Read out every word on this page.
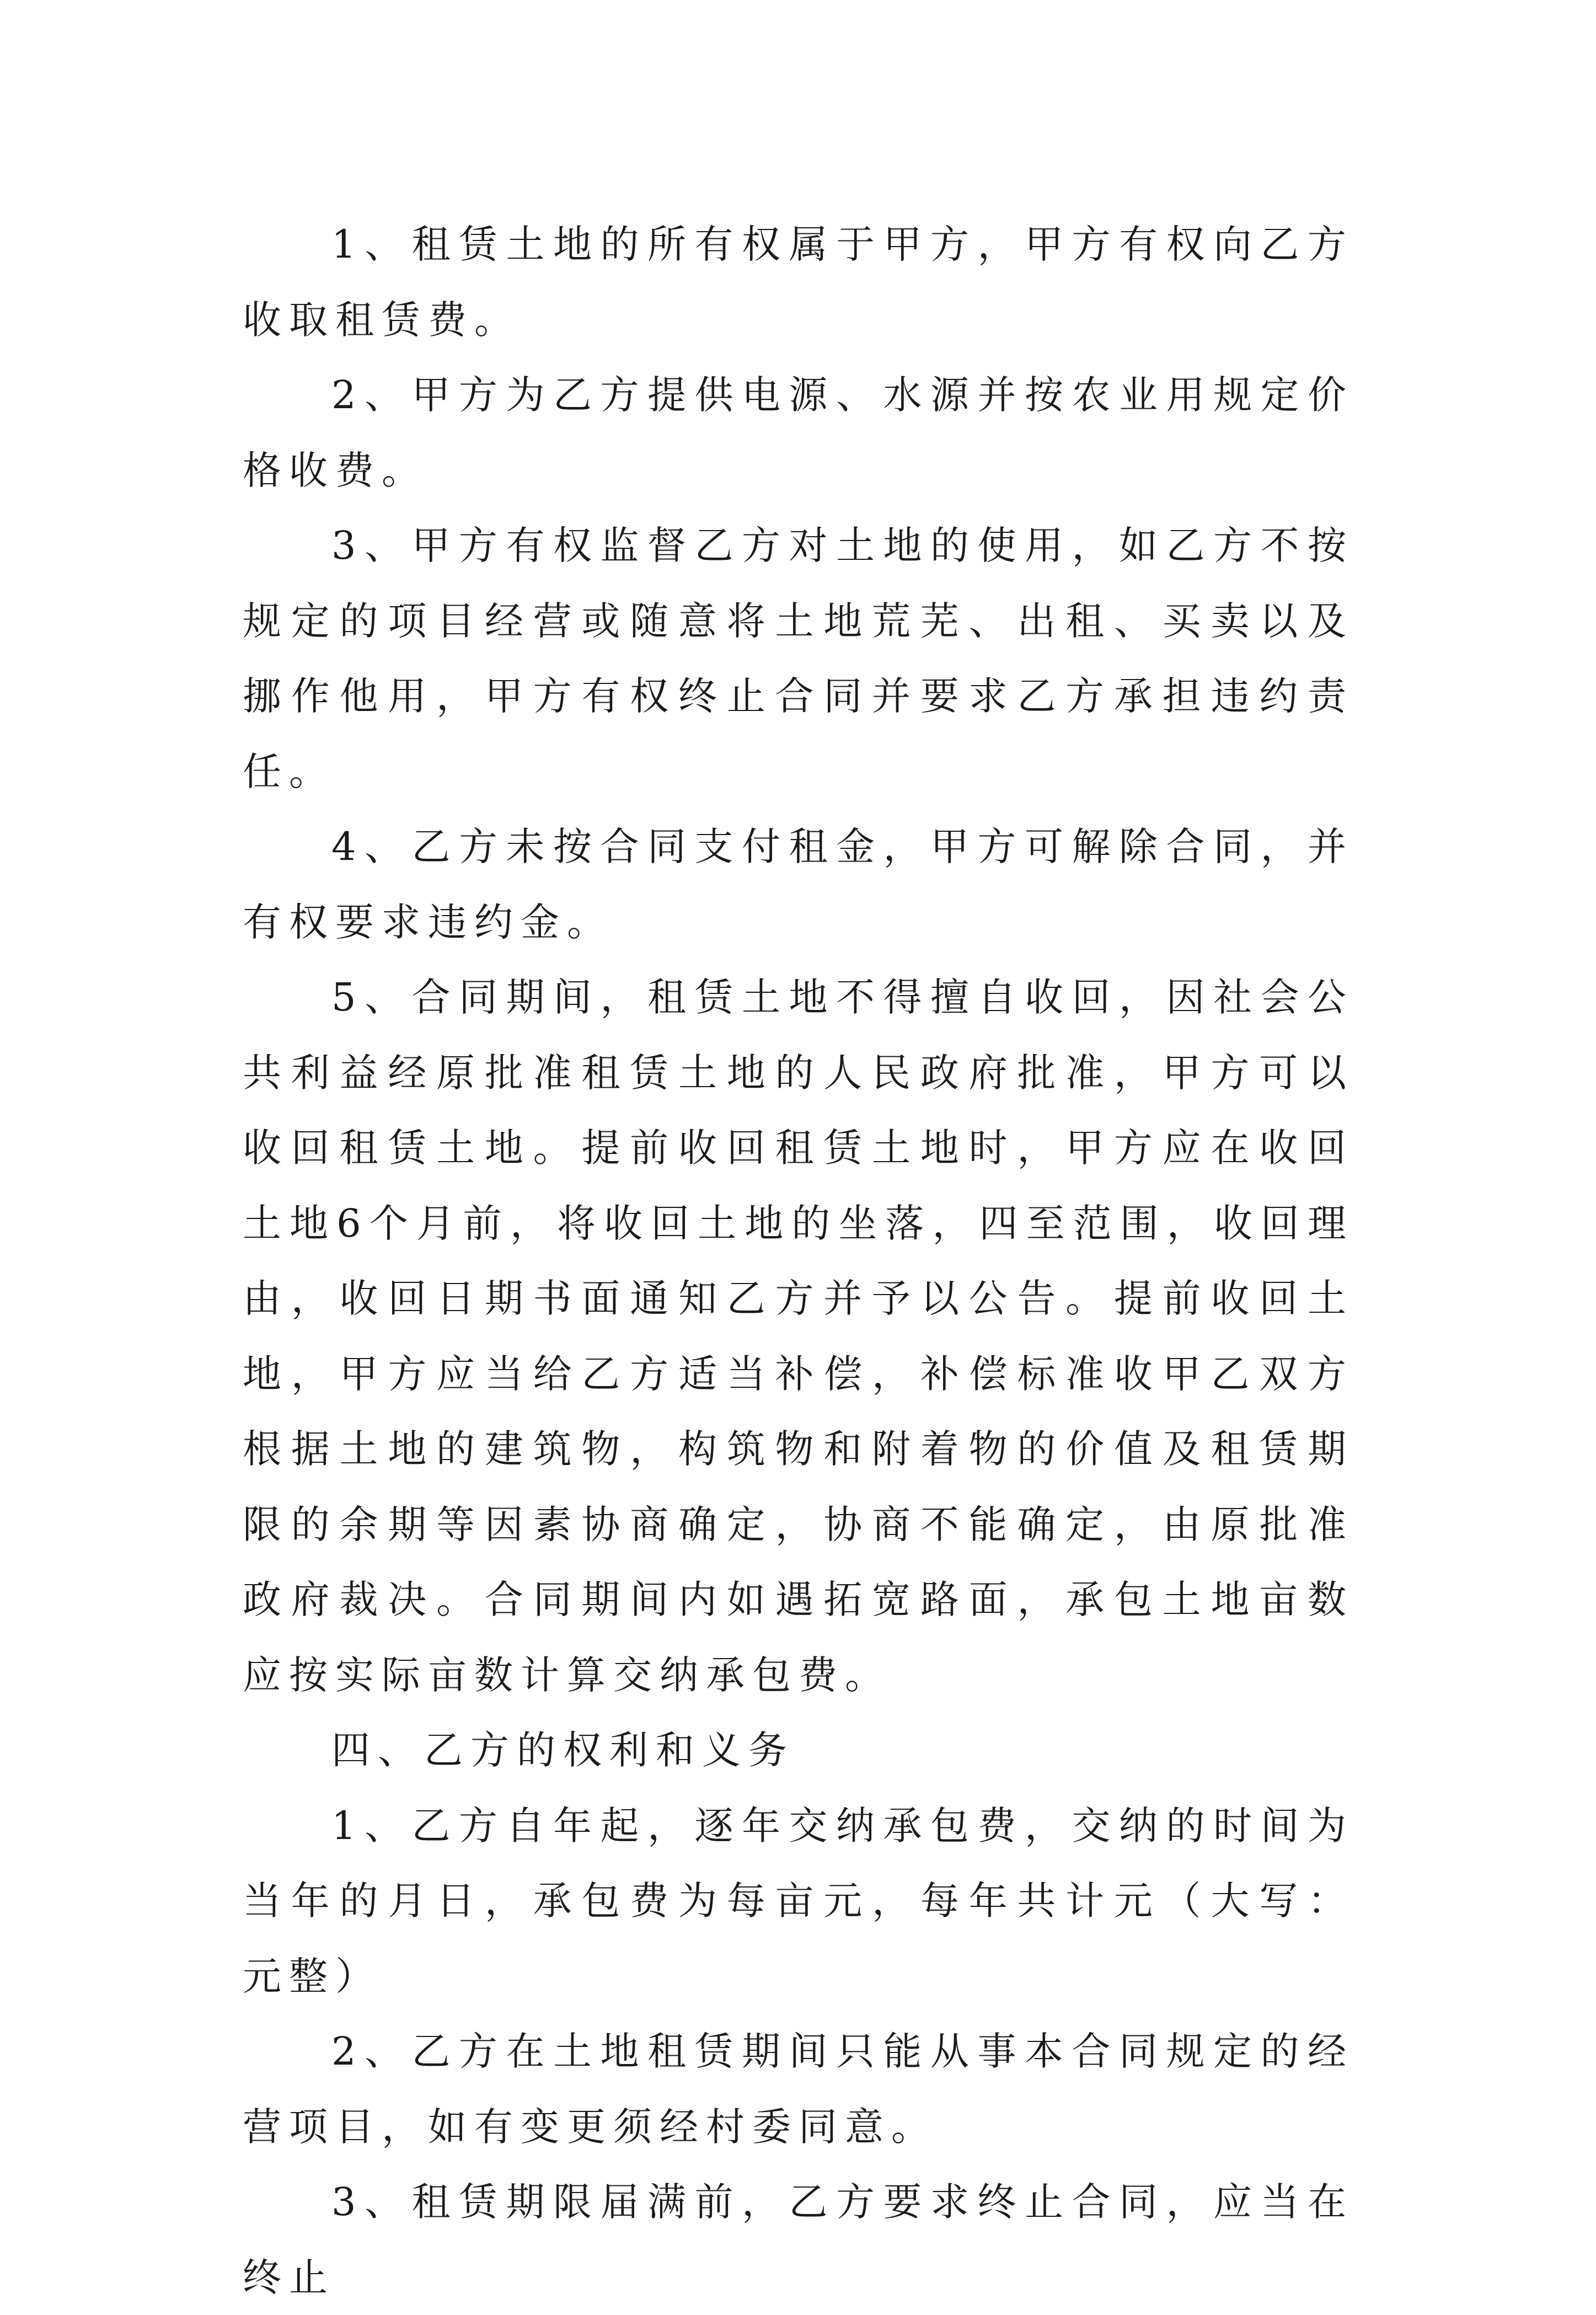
1、租赁土地的所有权属于甲方，甲方有权向乙方收取租赁费。

2、甲方为乙方提供电源、水源并按农业用规定价格收费。

3、甲方有权监督乙方对土地的使用，如乙方不按规定的项目经营或随意将土地荒芜、出租、买卖以及挪作他用，甲方有权终止合同并要求乙方承担违约责任。

4、乙方未按合同支付租金，甲方可解除合同，并有权要求违约金。

5、合同期间，租赁土地不得擅自收回，因社会公共利益经原批准租赁土地的人民政府批准，甲方可以收回租赁土地。提前收回租赁土地时，甲方应在收回土地6个月前，将收回土地的坐落，四至范围，收回理由，收回日期书面通知乙方并予以公告。提前收回土地，甲方应当给乙方适当补偿，补偿标准收甲乙双方根据土地的建筑物，构筑物和附着物的价值及租赁期限的余期等因素协商确定，协商不能确定，由原批准政府裁决。合同期间内如遇拓宽路面，承包土地亩数应按实际亩数计算交纳承包费。

四、乙方的权利和义务

1、乙方自年起，逐年交纳承包费，交纳的时间为当年的月日，承包费为每亩元，每年共计元（大写：元整）

2、乙方在土地租赁期间只能从事本合同规定的经营项目，如有变更须经村委同意。

3、租赁期限届满前，乙方要求终止合同，应当在终止
